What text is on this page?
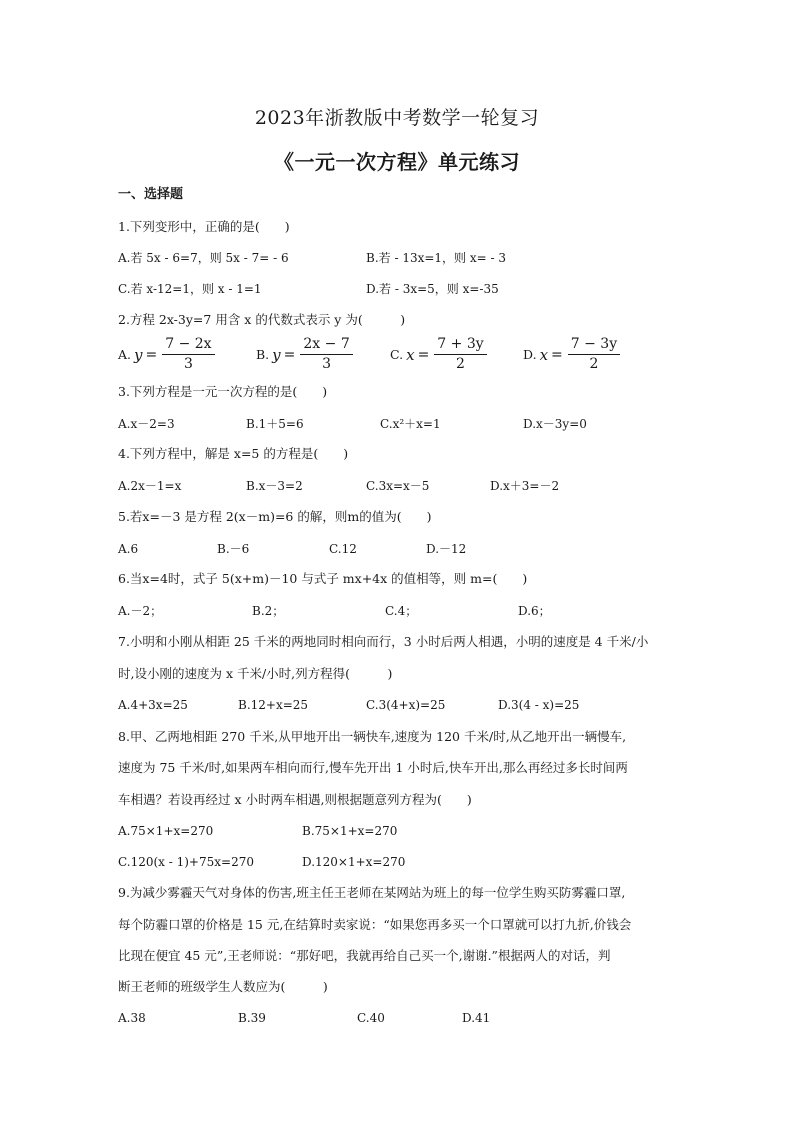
2023年浙教版中考数学一轮复习
《一元一次方程》单元练习
一、选择题
1.下列变形中，正确的是(　　)
A.若 5x - 6=7，则 5x - 7= - 6	B.若 - 13x=1，则 x= - 3
C.若 x-12=1，则 x - 1=1	D.若 - 3x=5，则 x=-35
2.方程 2x-3y=7 用含 x 的代数式表示 y 为(　　　)
A. $y = \frac{7 - 2x}{3}$	B. $y = \frac{2x - 7}{3}$	C. $x = \frac{7 + 3y}{2}$	D. $x = \frac{7 - 3y}{2}$
3.下列方程是一元一次方程的是(　　)
A.x－2=3	B.1＋5=6	C.x²＋x=1	D.x－3y=0
4.下列方程中，解是 x=5 的方程是(　　)
A.2x－1=x	B.x－3=2	C.3x=x－5	D.x＋3=－2
5.若x=－3 是方程 2(x－m)=6 的解，则m的值为(　　)
A.6	B.－6	C.12	D.－12
6.当x=4时，式子 5(x+m)－10 与式子 mx+4x 的值相等，则 m=(　　)
A.－2；	B.2；	C.4；	D.6；
7.小明和小刚从相距 25 千米的两地同时相向而行，3 小时后两人相遇，小明的速度是 4 千米/小
时,设小刚的速度为 x 千米/小时,列方程得(　　　)
A.4+3x=25	B.12+x=25	C.3(4+x)=25	D.3(4 - x)=25
8.甲、乙两地相距 270 千米,从甲地开出一辆快车,速度为 120 千米/时,从乙地开出一辆慢车,
速度为 75 千米/时,如果两车相向而行,慢车先开出 1 小时后,快车开出,那么再经过多长时间两
车相遇？若设再经过 x 小时两车相遇,则根据题意列方程为(　　)
A.75×1+x=270	B.75×1+x=270
C.120(x - 1)+75x=270	D.120×1+x=270
9.为减少雾霾天气对身体的伤害,班主任王老师在某网站为班上的每一位学生购买防雾霾口罩,
每个防霾口罩的价格是 15 元,在结算时卖家说：“如果您再多买一个口罩就可以打九折,价钱会
比现在便宜 45 元”,王老师说：“那好吧，我就再给自己买一个,谢谢.”根据两人的对话，判
断王老师的班级学生人数应为(　　　)
A.38	B.39	C.40	D.41
